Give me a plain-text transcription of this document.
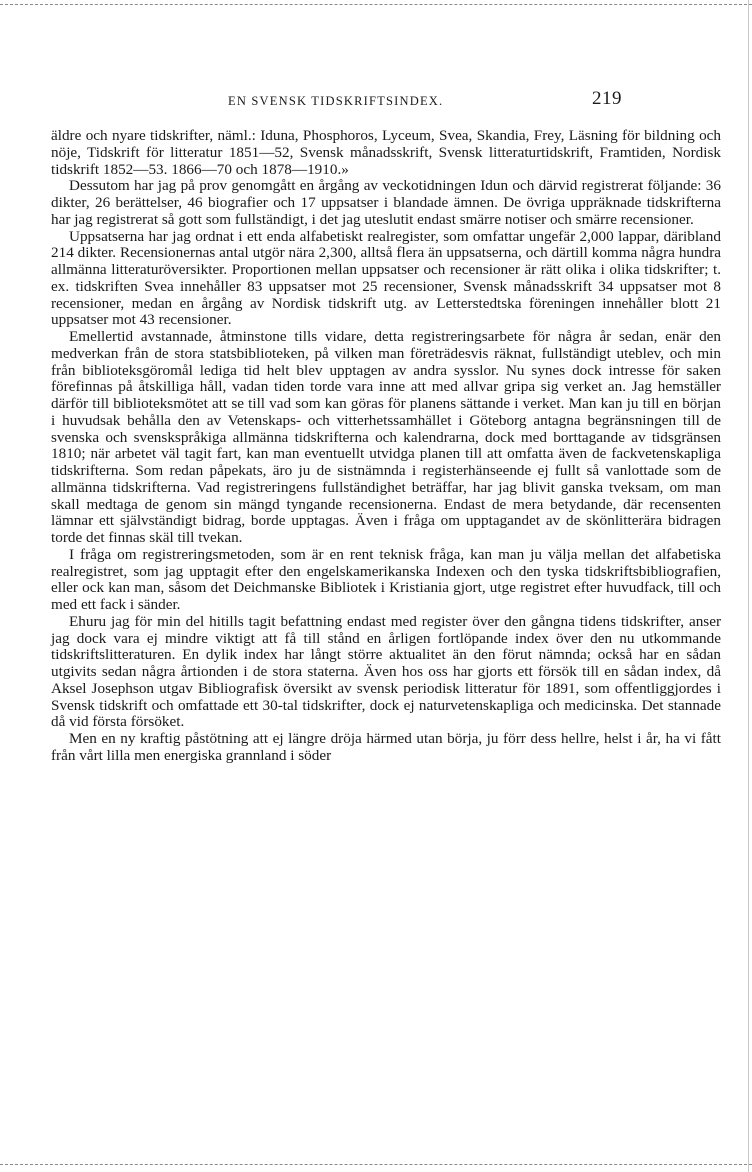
EN SVENSK TIDSKRIFTSINDEX.	219

äldre och nyare tidskrifter, näml.: Iduna, Phosphoros, Lyceum, Svea, Skandia, Frey, Läsning för bildning och nöje, Tidskrift för litteratur 1851—52, Svensk månadsskrift, Svensk litteraturtidskrift, Framtiden, Nordisk tidskrift 1852—53. 1866—70 och 1878—1910.»

Dessutom har jag på prov genomgått en årgång av veckotidningen Idun och därvid registrerat följande: 36 dikter, 26 berättelser, 46 biografier och 17 uppsatser i blandade ämnen. De övriga uppräknade tidskrifterna har jag registrerat så gott som fullständigt, i det jag uteslutit endast smärre notiser och smärre recensioner.

Uppsatserna har jag ordnat i ett enda alfabetiskt realregister, som omfattar ungefär 2,000 lappar, däribland 214 dikter. Recensionernas antal utgör nära 2,300, alltså flera än uppsatserna, och därtill komma några hundra allmänna litteraturöversikter. Proportionen mellan uppsatser och recensioner är rätt olika i olika tidskrifter; t. ex. tidskriften Svea innehåller 83 uppsatser mot 25 recensioner, Svensk månadsskrift 34 uppsatser mot 8 recensioner, medan en årgång av Nordisk tidskrift utg. av Letterstedtska föreningen innehåller blott 21 uppsatser mot 43 recensioner.

Emellertid avstannade, åtminstone tills vidare, detta registreringsarbete för några år sedan, enär den medverkan från de stora statsbiblioteken, på vilken man företrädesvis räknat, fullständigt uteblev, och min från biblioteksgöromål lediga tid helt blev upptagen av andra sysslor. Nu synes dock intresse för saken förefinnas på åtskilliga håll, vadan tiden torde vara inne att med allvar gripa sig verket an. Jag hemställer därför till biblioteksmötet att se till vad som kan göras för planens sättande i verket. Man kan ju till en början i huvudsak behålla den av Vetenskaps- och vitterhetssamhället i Göteborg antagna begränsningen till de svenska och svenskspråkiga allmänna tidskrifterna och kalendrarna, dock med borttagande av tidsgränsen 1810; när arbetet väl tagit fart, kan man eventuellt utvidga planen till att omfatta även de fackvetenskapliga tidskrifterna. Som redan påpekats, äro ju de sistnämnda i registerhänseende ej fullt så vanlottade som de allmänna tidskrifterna. Vad registreringens fullständighet beträffar, har jag blivit ganska tveksam, om man skall medtaga de genom sin mängd tyngande recensionerna. Endast de mera betydande, där recensenten lämnar ett självständigt bidrag, borde upptagas. Även i fråga om upptagandet av de skönlitterära bidragen torde det finnas skäl till tvekan.

I fråga om registreringsmetoden, som är en rent teknisk fråga, kan man ju välja mellan det alfabetiska realregistret, som jag upptagit efter den engelskamerikanska Indexen och den tyska tidskriftsbibliografien, eller ock kan man, såsom det Deichmanske Bibliotek i Kristiania gjort, utge registret efter huvudfack, till och med ett fack i sänder.

Ehuru jag för min del hitills tagit befattning endast med register över den gångna tidens tidskrifter, anser jag dock vara ej mindre viktigt att få till stånd en årligen fortlöpande index över den nu utkommande tidskriftslitteraturen. En dylik index har långt större aktualitet än den förut nämnda; också har en sådan utgivits sedan några årtionden i de stora staterna. Även hos oss har gjorts ett försök till en sådan index, då Aksel Josephson utgav Bibliografisk översikt av svensk periodisk litteratur för 1891, som offentliggjordes i Svensk tidskrift och omfattade ett 30-tal tidskrifter, dock ej naturvetenskapliga och medicinska. Det stannade då vid första försöket.

Men en ny kraftig påstötning att ej längre dröja härmed utan börja, ju förr dess hellre, helst i år, ha vi fått från vårt lilla men energiska grannland i söder
